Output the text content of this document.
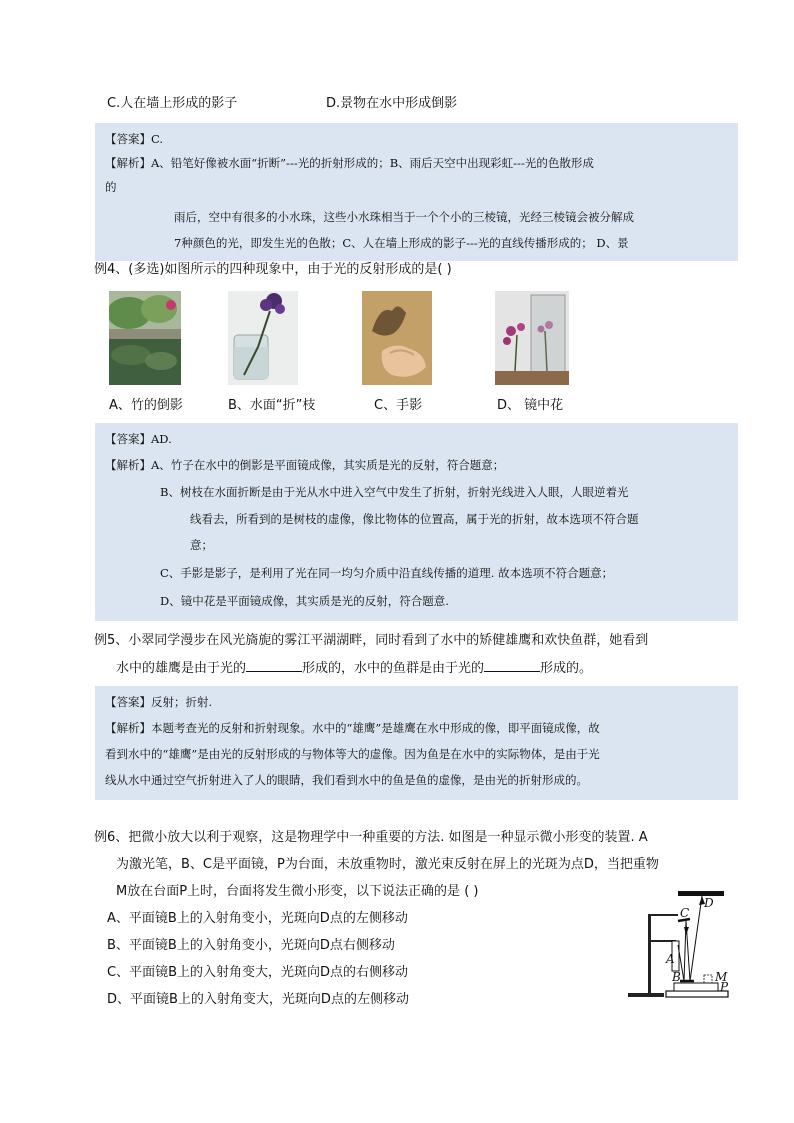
C.人在墙上形成的影子	D.景物在水中形成倒影
【答案】C.
【解析】A、铅笔好像被水面“折断”---光的折射形成的；B、雨后天空中出现彩虹---光的色散形成
的
雨后，空中有很多的小水珠，这些小水珠相当于一个个小的三棱镜，光经三棱镜会被分解成
7种颜色的光，即发生光的色散；C、人在墙上形成的影子---光的直线传播形成的； D、景
例4、(多选)如图所示的四种现象中，由于光的反射形成的是( )
A、竹的倒影	B、水面“折”枝	C、手影	D、 镜中花
【答案】AD.
【解析】A、竹子在水中的倒影是平面镜成像，其实质是光的反射，符合题意；
B、树枝在水面折断是由于光从水中进入空气中发生了折射，折射光线进入人眼，人眼逆着光
线看去，所看到的是树枝的虚像，像比物体的位置高，属于光的折射，故本选项不符合题
意；
C、手影是影子，是利用了光在同一均匀介质中沿直线传播的道理. 故本选项不符合题意；
D、镜中花是平面镜成像，其实质是光的反射，符合题意.
例5、小翠同学漫步在风光旖旎的雾江平湖湖畔，同时看到了水中的矫健雄鹰和欢快鱼群，她看到
水中的雄鹰是由于光的	形成的，水中的鱼群是由于光的	形成的。
【答案】反射；折射.
【解析】本题考查光的反射和折射现象。水中的“雄鹰”是雄鹰在水中形成的像，即平面镜成像，故
看到水中的“雄鹰”是由光的反射形成的与物体等大的虚像。因为鱼是在水中的实际物体，是由于光
线从水中通过空气折射进入了人的眼睛，我们看到水中的鱼是鱼的虚像，是由光的折射形成的。
例6、把微小放大以利于观察，这是物理学中一种重要的方法. 如图是一种显示微小形变的装置. A
为激光笔，B、C是平面镜，P为台面，未放重物时，激光束反射在屏上的光斑为点D，当把重物
M放在台面P上时，台面将发生微小形变，以下说法正确的是 ( )
A、平面镜B上的入射角变小，光斑向D点的左侧移动
B、平面镜B上的入射角变小，光斑向D点右侧移动
C、平面镜B上的入射角变大，光斑向D点的右侧移动
D、平面镜B上的入射角变大，光斑向D点的左侧移动
D
C
A
B	M
P
